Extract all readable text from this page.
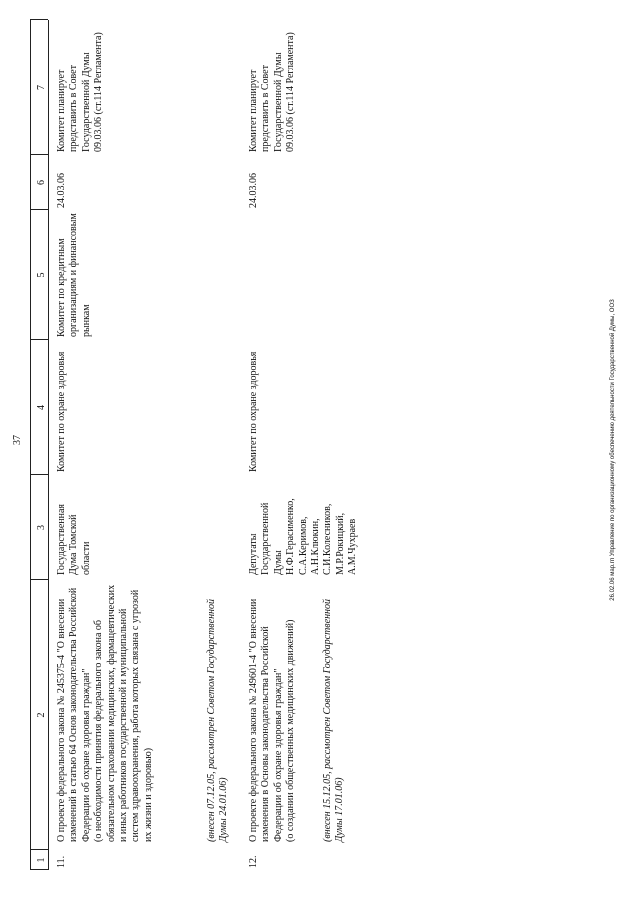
37
1
2
3
4
5
6
7
11.
О проекте федерального закона № 245375-4 "О внесении изменений в статью 64 Основ законодательства Российской Федерации об охране здоровья граждан"
(о необходимости принятия федерального закона об обязательном страховании медицинских, фармацевтических и иных работников государственной и муниципальной систем здравоохранения, работа которых связана с угрозой их жизни и здоровью)	(внесен 07.12.05, рассмотрен Советом Государственной Думы 24.01.06)
Государственная Дума Томской области
Комитет по охране здоровья
Комитет по кредитным организациям и финансовым рынкам
24.03.06
Комитет планирует представить в Совет Государственной Думы 09.03.06 (ст.114 Регламента)
12.
О проекте федерального закона № 249601-4 "О внесении изменения в Основы законодательства Российской Федерации об охране здоровья граждан"
(о создании общественных медицинских движений)	(внесен 15.12.05, рассмотрен Советом Государственной Думы 17.01.06)
Депутаты Государственной Думы
Н.Ф.Герасименко, С.А.Керимов, А.Н.Клюкин, С.И.Колесников, М.Р.Рокицкий, А.М.Чухраев
Комитет по охране здоровья
24.03.06
Комитет планирует представить в Совет Государственной Думы 09.03.06 (ст.114 Регламента)
26.02.06 мар.гп Управление по организационному обеспечению деятельности Государственной Думы, ООЗ
